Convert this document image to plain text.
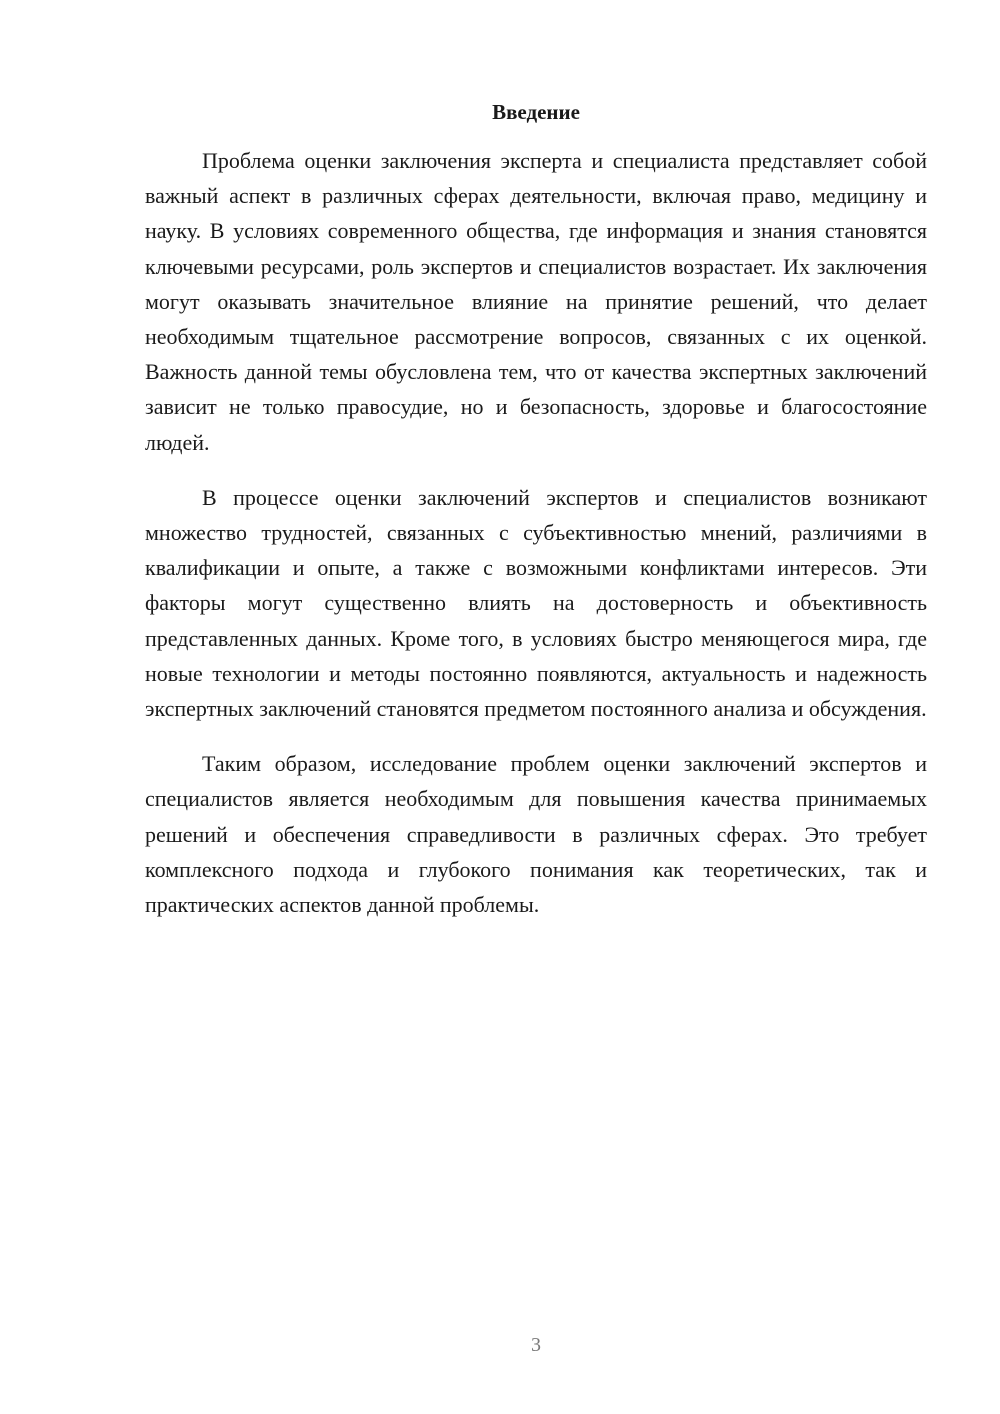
Введение

Проблема оценки заключения эксперта и специалиста представляет собой важный аспект в различных сферах деятельности, включая право, медицину и науку. В условиях современного общества, где информация и знания становятся ключевыми ресурсами, роль экспертов и специалистов возрастает. Их заключения могут оказывать значительное влияние на принятие решений, что делает необходимым тщательное рассмотрение вопросов, связанных с их оценкой. Важность данной темы обусловлена тем, что от качества экспертных заключений зависит не только правосудие, но и безопасность, здоровье и благосостояние людей.

В процессе оценки заключений экспертов и специалистов возникают множество трудностей, связанных с субъективностью мнений, различиями в квалификации и опыте, а также с возможными конфликтами интересов. Эти факторы могут существенно влиять на достоверность и объективность представленных данных. Кроме того, в условиях быстро меняющегося мира, где новые технологии и методы постоянно появляются, актуальность и надежность экспертных заключений становятся предметом постоянного анализа и обсуждения.

Таким образом, исследование проблем оценки заключений экспертов и специалистов является необходимым для повышения качества принимаемых решений и обеспечения справедливости в различных сферах. Это требует комплексного подхода и глубокого понимания как теоретических, так и практических аспектов данной проблемы.

3
